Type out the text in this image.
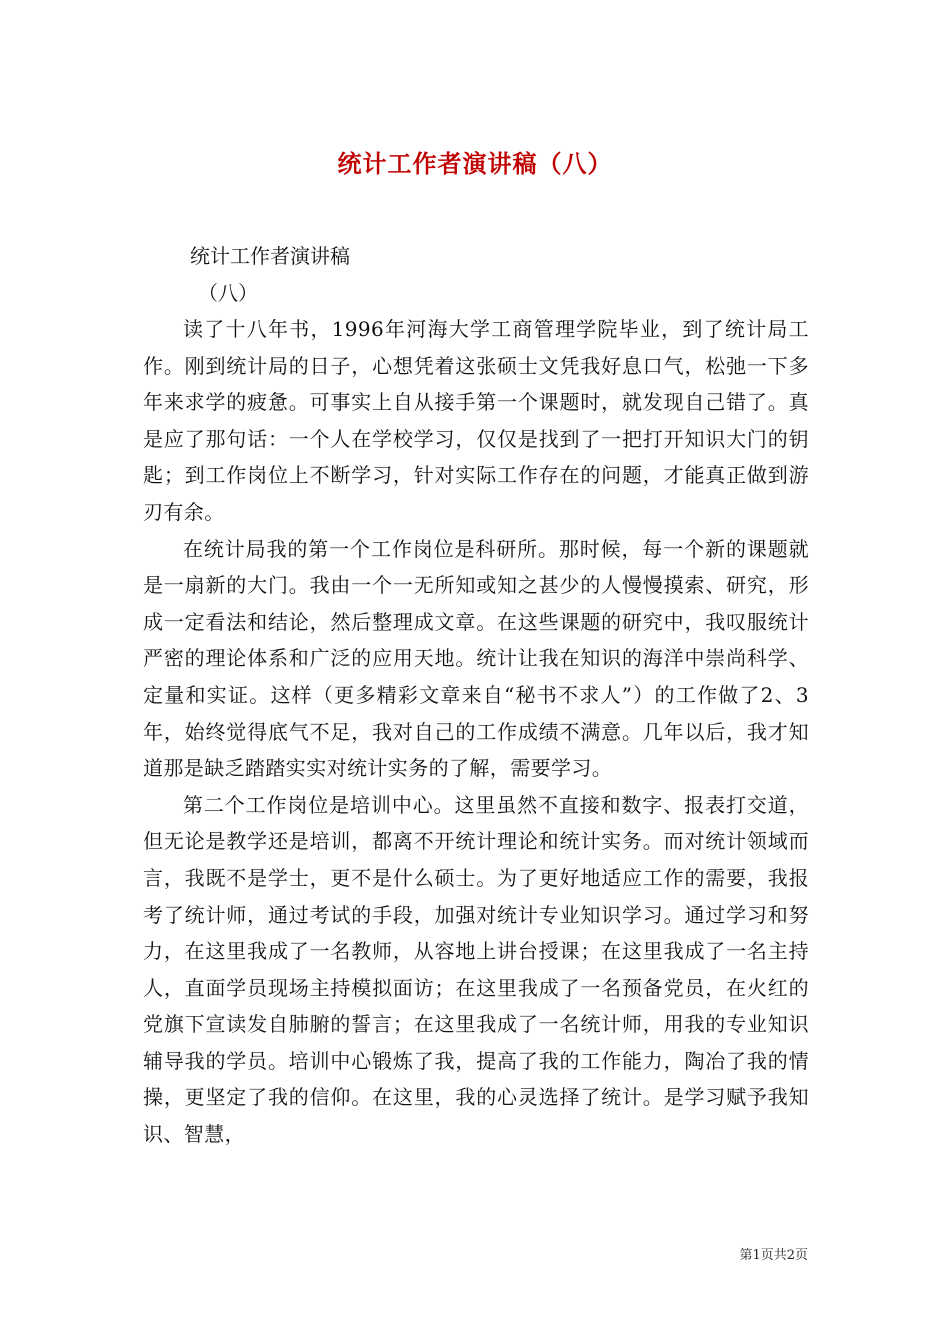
统计工作者演讲稿（八）

统计工作者演讲稿

（八）

读了十八年书，1996年河海大学工商管理学院毕业，到了统计局工作。刚到统计局的日子，心想凭着这张硕士文凭我好息口气，松弛一下多年来求学的疲惫。可事实上自从接手第一个课题时，就发现自己错了。真是应了那句话：一个人在学校学习，仅仅是找到了一把打开知识大门的钥匙；到工作岗位上不断学习，针对实际工作存在的问题，才能真正做到游刃有余。

在统计局我的第一个工作岗位是科研所。那时候，每一个新的课题就是一扇新的大门。我由一个一无所知或知之甚少的人慢慢摸索、研究，形成一定看法和结论，然后整理成文章。在这些课题的研究中，我叹服统计严密的理论体系和广泛的应用天地。统计让我在知识的海洋中崇尚科学、定量和实证。这样（更多精彩文章来自“秘书不求人”）的工作做了2、3年，始终觉得底气不足，我对自己的工作成绩不满意。几年以后，我才知道那是缺乏踏踏实实对统计实务的了解，需要学习。

第二个工作岗位是培训中心。这里虽然不直接和数字、报表打交道，但无论是教学还是培训，都离不开统计理论和统计实务。而对统计领域而言，我既不是学士，更不是什么硕士。为了更好地适应工作的需要，我报考了统计师，通过考试的手段，加强对统计专业知识学习。通过学习和努力，在这里我成了一名教师，从容地上讲台授课；在这里我成了一名主持人，直面学员现场主持模拟面访；在这里我成了一名预备党员，在火红的党旗下宣读发自肺腑的誓言；在这里我成了一名统计师，用我的专业知识辅导我的学员。培训中心锻炼了我，提高了我的工作能力，陶冶了我的情操，更坚定了我的信仰。在这里，我的心灵选择了统计。是学习赋予我知识、智慧，

第1页共2页
